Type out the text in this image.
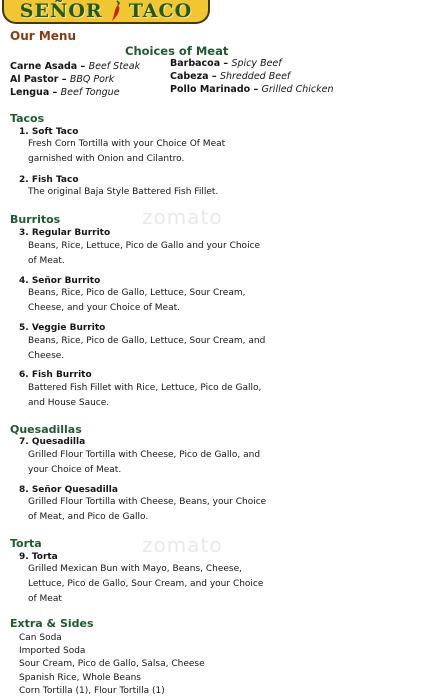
SEÑOR TACO
Our Menu
zomato
zomato
Choices of Meat
Carne Asada – Beef Steak
Al Pastor – BBQ Pork
Lengua – Beef Tongue
Barbacoa – Spicy Beef
Cabeza – Shredded Beef
Pollo Marinado – Grilled Chicken
Tacos
1. Soft Taco
Fresh Corn Tortilla with your Choice Of Meat garnished with Onion and Cilantro.
2. Fish Taco
The original Baja Style Battered Fish Fillet.
Burritos
3. Regular Burrito
Beans, Rice, Lettuce, Pico de Gallo and your Choice of Meat.
4. Señor Burrito
Beans, Rice, Pico de Gallo, Lettuce, Sour Cream, Cheese, and your Choice of Meat.
5. Veggie Burrito
Beans, Rice, Pico de Gallo, Lettuce, Sour Cream, and Cheese.
6. Fish Burrito
Battered Fish Fillet with Rice, Lettuce, Pico de Gallo, and House Sauce.
Quesadillas
7. Quesadilla
Grilled Flour Tortilla with Cheese, Pico de Gallo, and your Choice of Meat.
8. Señor Quesadilla
Grilled Flour Tortilla with Cheese, Beans, your Choice of Meat, and Pico de Gallo.
Torta
9. Torta
Grilled Mexican Bun with Mayo, Beans, Cheese, Lettuce, Pico de Gallo, Sour Cream, and your Choice of Meat
Extra & Sides
Can Soda
Imported Soda
Sour Cream, Pico de Gallo, Salsa, Cheese
Spanish Rice, Whole Beans
Corn Tortilla (1), Flour Tortilla (1)
